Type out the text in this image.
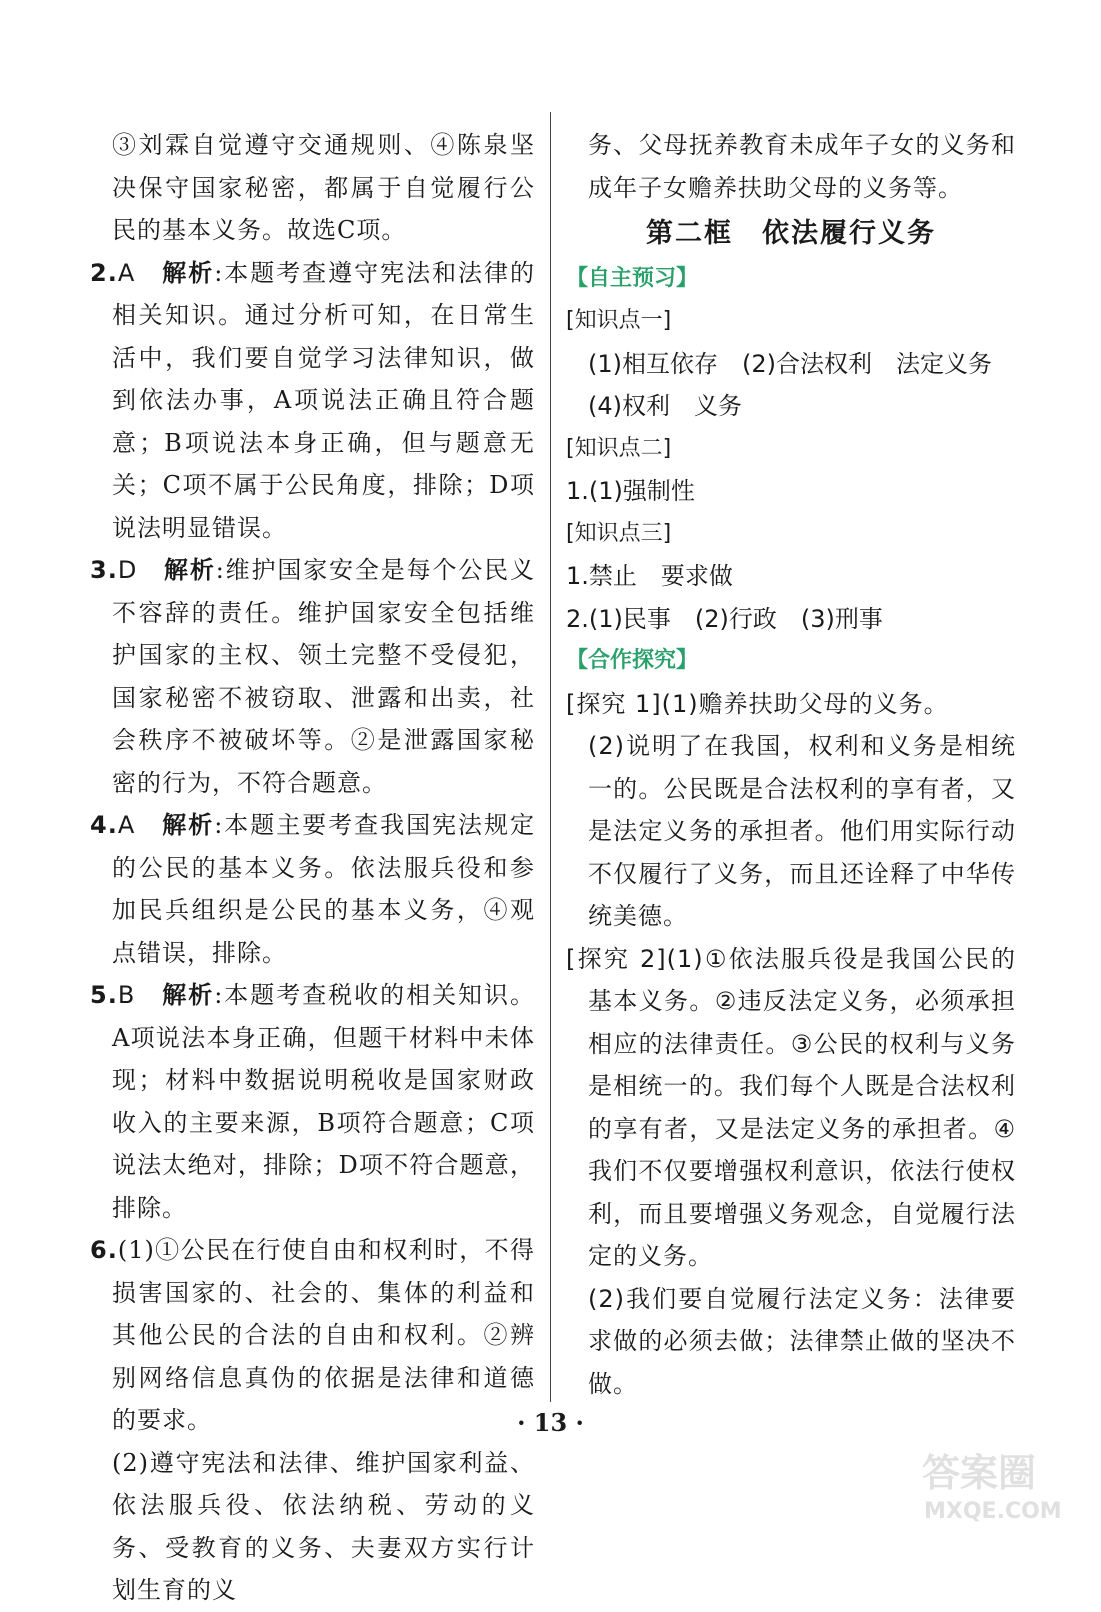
③刘霖自觉遵守交通规则、④陈泉坚决保守国家秘密，都属于自觉履行公民的基本义务。故选C项。

2.A　 解析:本题考查遵守宪法和法律的相关知识。通过分析可知，在日常生活中，我们要自觉学习法律知识，做到依法办事，A项说法正确且符合题意；B项说法本身正确，但与题意无关；C项不属于公民角度，排除；D项说法明显错误。

3.D　 解析:维护国家安全是每个公民义不容辞的责任。维护国家安全包括维护国家的主权、领土完整不受侵犯，国家秘密不被窃取、泄露和出卖，社会秩序不被破坏等。②是泄露国家秘密的行为，不符合题意。

4.A　 解析:本题主要考查我国宪法规定的公民的基本义务。依法服兵役和参加民兵组织是公民的基本义务，④观点错误，排除。

5.B　 解析:本题考查税收的相关知识。A项说法本身正确，但题干材料中未体现；材料中数据说明税收是国家财政收入的主要来源，B项符合题意；C项说法太绝对，排除；D项不符合题意，排除。

6.(1)①公民在行使自由和权利时，不得损害国家的、社会的、集体的利益和其他公民的合法的自由和权利。②辨别网络信息真伪的依据是法律和道德的要求。

(2)遵守宪法和法律、维护国家利益、依法服兵役、依法纳税、劳动的义务、受教育的义务、夫妻双方实行计划生育的义

务、父母抚养教育未成年子女的义务和成年子女赡养扶助父母的义务等。

第二框　依法履行义务
【自主预习】
[知识点一]
(1)相互依存　(2)合法权利　法定义务
(4)权利　义务
[知识点二]
1.(1)强制性
[知识点三]
1.禁止　要求做
2.(1)民事　(2)行政　(3)刑事
【合作探究】

[探究 1](1)赡养扶助父母的义务。

(2)说明了在我国，权利和义务是相统一的。公民既是合法权利的享有者，又是法定义务的承担者。他们用实际行动不仅履行了义务，而且还诠释了中华传统美德。

[探究 2](1)①依法服兵役是我国公民的基本义务。②违反法定义务，必须承担相应的法律责任。③公民的权利与义务是相统一的。我们每个人既是合法权利的享有者，又是法定义务的承担者。④我们不仅要增强权利意识，依法行使权利，而且要增强义务观念，自觉履行法定的义务。

(2)我们要自觉履行法定义务：法律要求做的必须去做；法律禁止做的坚决不做。

· 13 ·
答案圈
MXQE.COM
